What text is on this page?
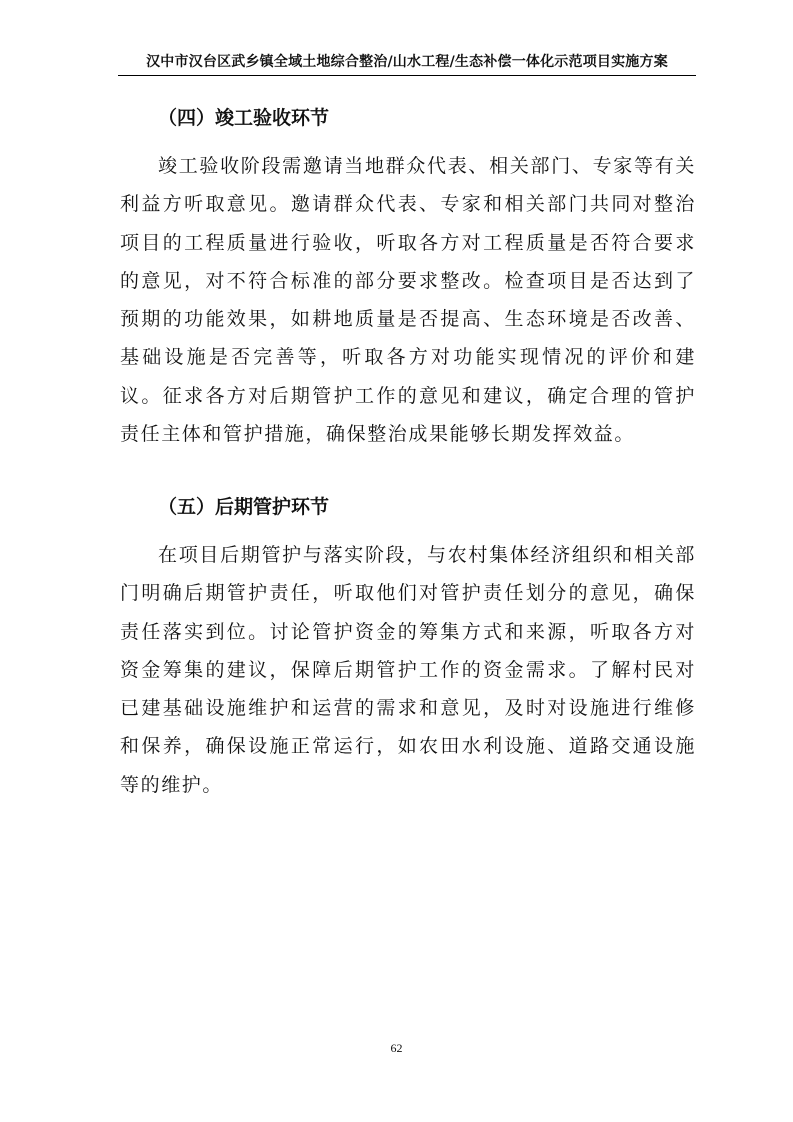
汉中市汉台区武乡镇全域土地综合整治/山水工程/生态补偿一体化示范项目实施方案
（四）竣工验收环节

竣工验收阶段需邀请当地群众代表、相关部门、专家等有关利益方听取意见。邀请群众代表、专家和相关部门共同对整治项目的工程质量进行验收，听取各方对工程质量是否符合要求的意见，对不符合标准的部分要求整改。检查项目是否达到了预期的功能效果，如耕地质量是否提高、生态环境是否改善、基础设施是否完善等，听取各方对功能实现情况的评价和建议。征求各方对后期管护工作的意见和建议，确定合理的管护责任主体和管护措施，确保整治成果能够长期发挥效益。

（五）后期管护环节

在项目后期管护与落实阶段，与农村集体经济组织和相关部门明确后期管护责任，听取他们对管护责任划分的意见，确保责任落实到位。讨论管护资金的筹集方式和来源，听取各方对资金筹集的建议，保障后期管护工作的资金需求。了解村民对已建基础设施维护和运营的需求和意见，及时对设施进行维修和保养，确保设施正常运行，如农田水利设施、道路交通设施等的维护。

62
